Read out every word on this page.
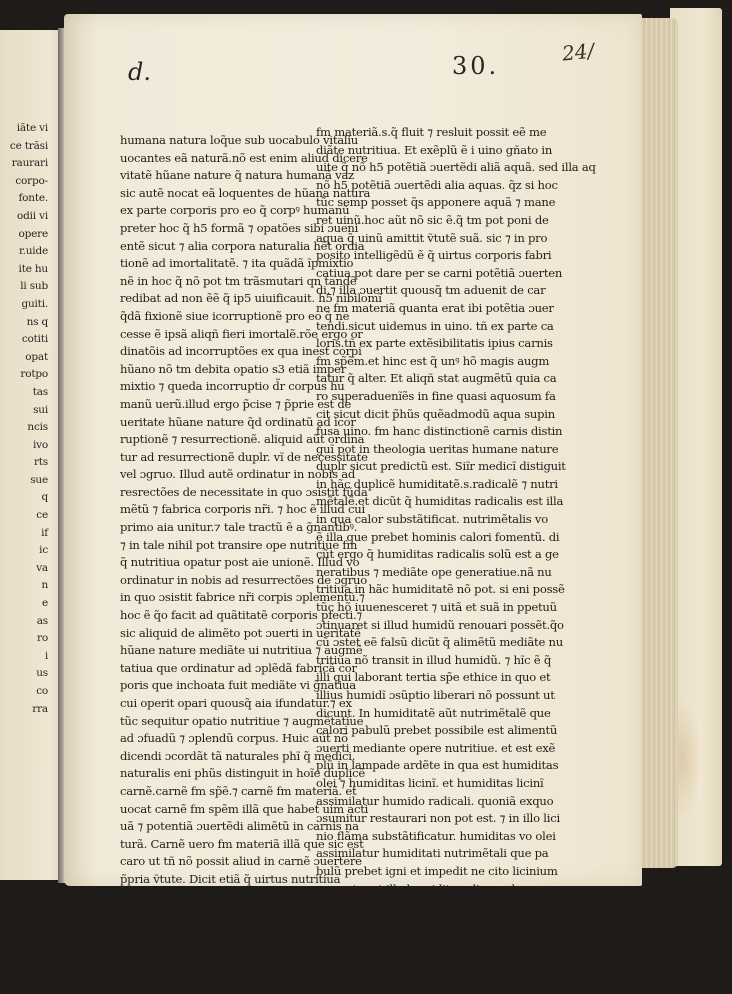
iãte vi
ce trãsi
raurari
corpo-
fonte.
odii vi
opere
r.uide
ite hu
li sub
guiti.
ns q
cotiti
opat
rotpo
tas
sui
ncis
ivo
rts
sue
q
ce
if
ic
va
n
e
as
ro
i
us
co
rra
d.	30.	24/
humana natura loq̃ue sub uocabulo
uocantes eã naturã.nõ est enim aliud
vitatẽ hũane nature q̃ natura humanã
sic autẽ nocat eã loquentes de hũana
ex parte corporis pro eo q̃ corpꝰ
preter hoc q̃ h5 formã ⁊ opatões sibi
entẽ sicut ⁊ alia corpora naturalia
tionẽ ad imortalitatẽ. ⁊ ita quãdã
nẽ in hoc q̃ nõ pot tm trãsmutari qn
redibat ad non ẽẽ q̃ ip5 uiuificauit.
q̃dã fixionẽ siue icorruptionẽ pro eo
cesse ẽ ipsã aliqñ fieri imortalẽ.rõe
dinatõis ad incorruptões ex qua inest
hũano nõ tm debita opatio s3 etiã
mixtio ⁊ queda incorruptio d̃r corpus
manũ uerũ.illud ergo p̃cise ⁊ p̃prie
ueritate hũane nature q̃d ordinatũ
ruptionẽ ⁊ resurrectionẽ. aliquid aũt
tur ad resurrectionẽ duplr. vĩ de
vel ɔgruo. Illud autẽ ordinatur in
resrectões de necessitate in quo
mẽtũ ⁊ fabrica corporis nr̃i. ⁊ hoc ẽ
primo aia unitur.⁊ tale tractũ ẽ a
⁊ in tale nihil pot transire ope nutritiue
q̃ nutritiua opatur post aie unionẽ.
ordinatur in nobis ad resurrectões
in quo ɔsistit fabrice nr̃i corpis
hoc ẽ q̃o facit ad quãtitatẽ corporis
sic aliquid de alimẽto pot ɔuerti in
hũane nature mediãte ui nutritiua ⁊
tatiua que ordinatur ad ɔplẽdã fabricã
poris que inchoata fuit mediãte vi
cui operit opari quousq̃ aia ifundatur.⁊
tũc sequitur opatio nutritiue ⁊
ad ɔfuadũ ⁊ ɔplendũ corpus. Huic
dicendi ɔcordãt tã naturales phĩ q̃
naturalis eni phũs distinguit in hoĩe
carnẽ.carnẽ fm sp̃ẽ.⁊ carnẽ fm materiã.
uocat carnẽ fm spẽm illã que habet
uã ⁊ potentiã ɔuertẽdi alimẽtũ in
turã. Carnẽ uero fm materiã illã que
caro ut tñ nõ possit aliud in carnẽ
p̃pria ṽtute. Dicit etiã q̃ uirtus nutritiua
⁊ augmẽtatiua non ɔuertit alimẽtũ in carnẽ
fm sp̃ẽm sed fm materiã. quia si aliter eẽt
tũc nunq̃ staret augmẽtũ. augmẽto eni car
nis cresceret ⁊ uirtus augmẽtandi. hoc aũt
nõ sic ẽ.et ita caro fm sp̃ẽm solũ est a gene
ratibꝰ siue mediãte generatiua.quãuis caro
fm materiã.s.q̃ fluit ⁊ resluit possit
diãte nutritiua. Et exẽplũ ẽ i uino
uite q̃ nõ h5 potẽtiã ɔuertẽdi aliã
nõ h5 potẽtiã ɔuertẽdi alia aquas. q̃z
tũc semp posset q̃s apponere aquã
ret uinũ.hoc aũt nõ sic ẽ.q̃ tm pot
aqua q̃ uinũ amittit ṽtutẽ suã. sic ⁊
posito intelligẽdũ ẽ q̃ uirtus corporis
catiua pot dare per se carni potẽtiã
di.⁊ illa ɔuertit quousq̃ tm aduenit
ne fm materiã quanta erat ibi potẽtia
tendi.sicut uidemus in uino. tñ ex
loris.tñ ex parte extẽsibilitatis ipius
fm sp̃ẽm.et hinc est q̃ unꝰ hõ magis
tatur q̃ alter. Et aliqñ stat augmẽtũ
ro superaduenĩẽs in fine quasi aquosum
cit sicut dicit p̃hũs quẽadmodũ aqua
fusa uino. fm hanc distinctionẽ carnis
guĩ pot in theologia ueritas humane
duplr sicut predictũ est. Siĩr medicĩ
in hãc duplicẽ humiditatẽ.s.radicalẽ
mẽtalẽ.et dicũt q̃ humiditas radicalis
in qua calor substãtificat. nutrimẽtalis
ẽ illa que prebet hominis calori
cũt ergo q̃ humiditas radicalis solũ
neratibus ⁊ mediãte ope generatiue.nã
tritiua in hãc humiditatẽ nõ pot. si
tũc hõ iuuenesceret ⁊ uitã et suã in
ɔtinuaret si illud humidũ renouari
cũ ɔstet eẽ falsũ dicũt q̃ alimẽtũ
tritiua nõ transit in illud humidũ. ⁊
illi qui laborant tertia sp̃e ethice in
illius humidĩ ɔsũptio liberari nõ
dicunt. In humiditatẽ aũt nutrimẽtalẽ
calori pabulũ prebet possibile est
ɔuerti mediante opere nutritiue. et
plũ in lampade ardẽte in qua est
olei ⁊ humiditas licinĩ. et humiditas
assimilatur humido radicali. quoniã
ɔsumitur restaurari non pot est. ⁊ in
nio flãma substãtificatur. humiditas
assimilatur humiditati nutrimẽtali
bulũ prebet igni et impedit ne cito
ɔsumatur.et illa humiditas aliquando auge
tur.aliquãdo minuitur. aliquãdo ɔsumitur.
aliquãdo restauratur. Et iuxta hanc duplicẽ
humiditatẽ distinguit theologĩ duplr hũane
nature ṽitatẽ sicut priꝰ dictũ ẽ. Et p hoc p3
rñsio ad.q.p̃posita.p3 etiã rñsio ad obiecta
